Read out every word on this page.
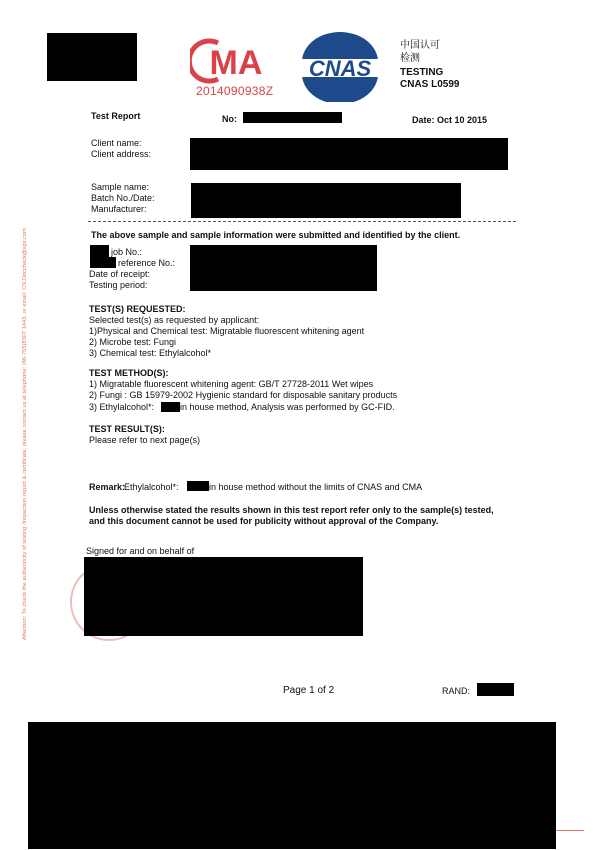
MA
2014090938Z
CNAS
中国认可
检测
TESTING
CNAS L0599
Test Report	No:	Date: Oct 10 2015
Client name:
Client address:
Sample name:
Batch No./Date:
Manufacturer:
The above sample and sample information were submitted and identified by the client.
job No.:
reference No.:
Date of receipt:
Testing period:
TEST(S) REQUESTED:
Selected test(s) as requested by applicant:
1)Physical and Chemical test: Migratable fluorescent whitening agent
2) Microbe test: Fungi
3) Chemical test: Ethylalcohol*
TEST METHOD(S):
1) Migratable fluorescent whitening agent: GB/T 27728-2011 Wet wipes
2) Fungi : GB 15979-2002 Hygienic standard for disposable sanitary products
3) Ethylalcohol*:	in house method, Analysis was performed by GC-FID.
TEST RESULT(S):
Please refer to next page(s)
Remark:
Ethylalcohol*:	in house method without the limits of CNAS and CMA
Unless otherwise stated the results shown in this test report refer only to the sample(s) tested,
and this document cannot be used for publicity without approval of the Company.
Signed for and on behalf of
Page 1 of 2	RAND:
Attention: To check the authenticity of testing /inspection report & certificate, please contact us at telephone: (86-755)8307 1443, or email: CN.Doccheck@sgs.com
